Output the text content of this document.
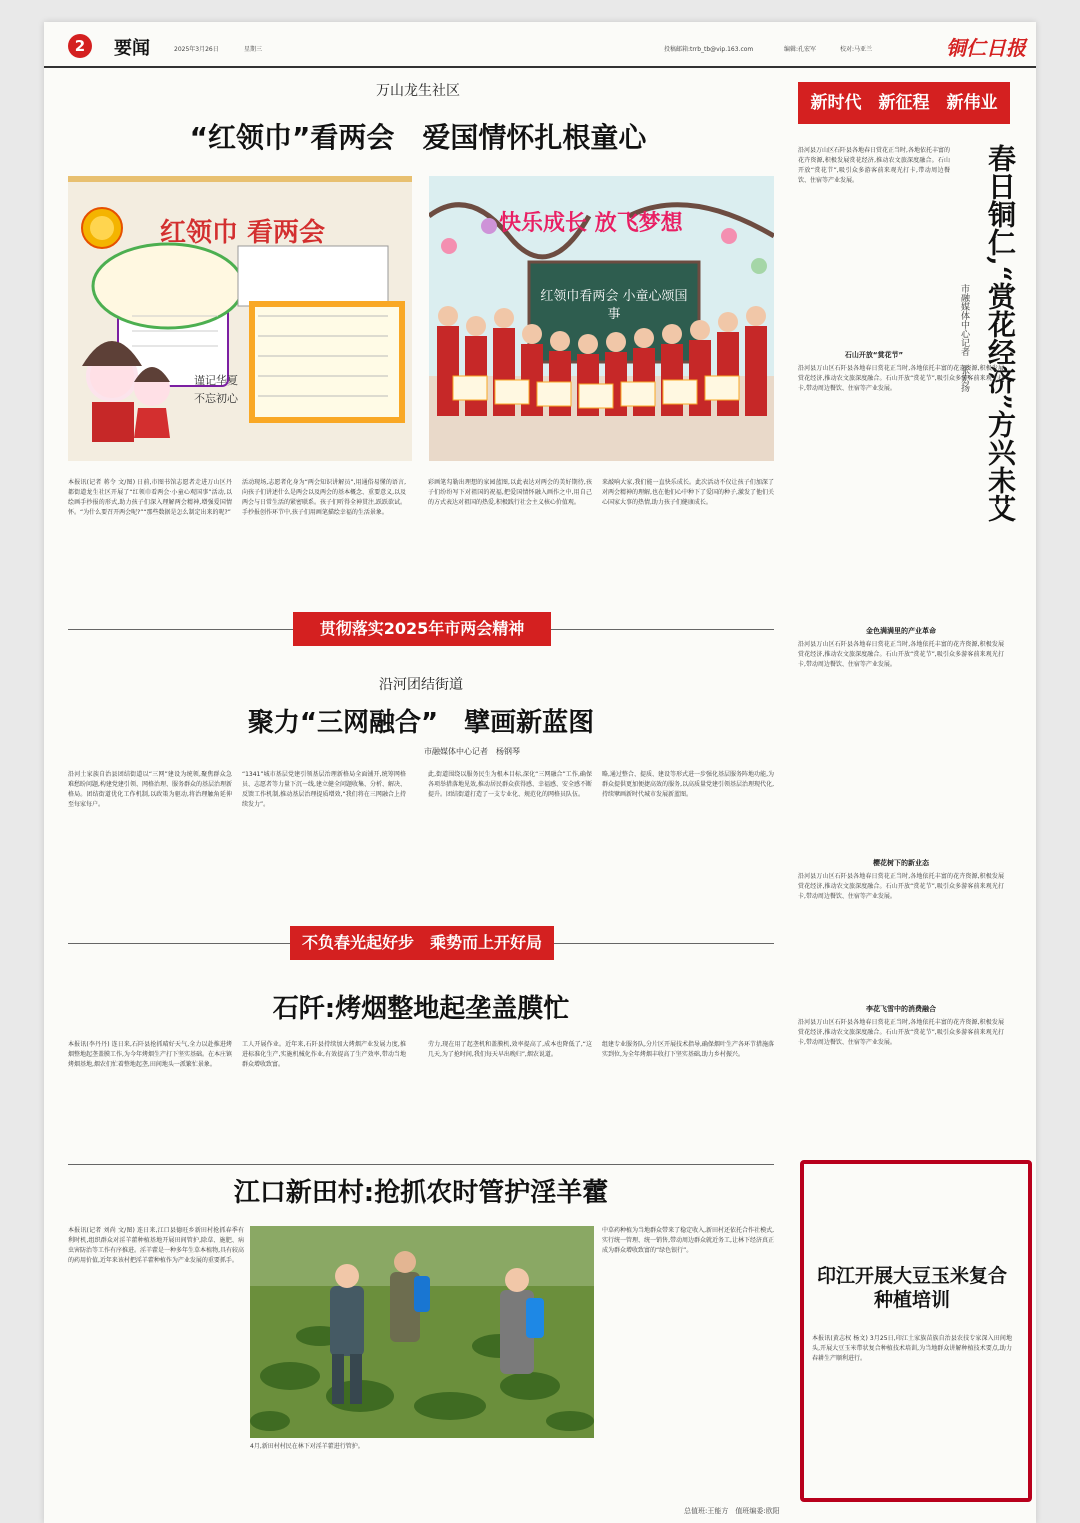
2	要闻	2025年3月26日	星期三	投稿邮箱:trrb_tb@vip.163.com	编辑:孔宏军	校对:马亚兰	铜仁日报
万山龙生社区
“红领巾”看两会　爱国情怀扎根童心
红领巾 看两会
谨记华夏
不忘初心
快乐成长 放飞梦想
红领巾看两会 小童心颂国事
本报讯(记者 蒋令 文/图) 日前,市图书馆志愿者走进万山区丹都街道龙生社区开展了“红领巾看两会·小童心观国事”活动,以绘画手抄报的形式,助力孩子们深入理解两会精神,增强爱国情怀。“为什么要召开两会呢?”“那些数据是怎么制定出来的呢?”
活动现场,志愿者化身为“两会知识讲解员”,用通俗易懂的语言,向孩子们讲述什么是两会以及两会的基本概念、重要意义,以及两会与日常生活的紧密联系。孩子们听得全神贯注,跃跃欲试。手抄报创作环节中,孩子们用画笔描绘幸福的生活景象。
彩画笔勾勒出理想的家园蓝图,以此表达对两会的美好期待,孩子们纷纷写下对祖国的祝福,把爱国情怀融入画作之中,用自己的方式表达对祖国的热爱,积极践行社会主义核心价值观。
来敲响大家,我们能一直快乐成长。此次活动不仅让孩子们加深了对两会精神的理解,也在他们心中种下了爱国的种子,激发了他们关心国家大事的热情,助力孩子们健康成长。
贯彻落实2025年市两会精神
沿河团结街道
聚力“三网融合”　擘画新蓝图
市融媒体中心记者　杨钢琴
沿河土家族自治县团结街道以“三网”建设为统领,聚焦群众急难愁盼问题,构建党建引领、网格治理、服务群众的基层治理新格局。团结街道优化工作机制,以政策为驱动,将治理触角延伸至每家每户。
“1341”城市基层党建引领基层治理新格局全面铺开,统筹网格员、志愿者等力量下沉一线,建立健全问题收集、分析、解决、反馈工作机制,推动基层治理提质增效,“我们将在三网融合上持续发力”。
此,街道围绕以服务民生为根本目标,深化“三网融合”工作,确保各项举措落地见效,推动居民群众获得感、幸福感、安全感不断提升。团结街道打造了一支专业化、规范化的网格员队伍。
略,通过整合、提质、建设等形式进一步强化基层服务阵地功能,为群众提供更加便捷高效的服务,以高质量党建引领基层治理现代化,持续擘画新时代城市发展新蓝图。
不负春光起好步　乘势而上开好局
石阡:烤烟整地起垄盖膜忙
本报讯(李丹丹) 连日来,石阡县抢抓晴好天气,全力以赴推进烤烟整地起垄盖膜工作,为今年烤烟生产打下坚实基础。在本庄镇烤烟基地,烟农们忙着整地起垄,田间地头一派繁忙景象。
工人开展作业。近年来,石阡县持续加大烤烟产业发展力度,推进标准化生产,实施机械化作业,有效提高了生产效率,带动当地群众增收致富。
劳力,现在用了起垄机和盖膜机,效率提高了,成本也降低了,“这几天,为了抢时间,我们每天早出晚归”,烟农说道。
组建专业服务队,分片区开展技术指导,确保烟叶生产各环节措施落实到位,为全年烤烟丰收打下坚实基础,助力乡村振兴。
江口新田村:抢抓农时管护淫羊藿
本报讯(记者 刘尚 文/图) 连日来,江口县德旺乡新田村抢抓春季有利时机,组织群众对淫羊藿种植基地开展田间管护,除草、施肥、病虫害防治等工作有序推进。淫羊藿是一种多年生草本植物,具有较高的药用价值,近年来该村把淫羊藿种植作为产业发展的重要抓手。
4月,新田村村民在林下对淫羊藿进行管护。
中草药种植为当地群众带来了稳定收入,新田村还依托合作社模式,实行统一管理、统一销售,带动周边群众就近务工,让林下经济真正成为群众增收致富的“绿色银行”。
新时代　新征程　新伟业
春日铜仁,“赏花经济”方兴未艾
市融媒体中心记者　张宏扬
沿河县万山区石阡县各地春日赏花正当时,各地依托丰富的花卉资源,积极发展赏花经济,推动农文旅深度融合。石山开放“赏花节”,吸引众多游客前来观光打卡,带动周边餐饮、住宿等产业发展。
石山开放“赏花节”
沿河县万山区石阡县各地春日赏花正当时,各地依托丰富的花卉资源,积极发展赏花经济,推动农文旅深度融合。石山开放“赏花节”,吸引众多游客前来观光打卡,带动周边餐饮、住宿等产业发展。
金色满满里的产业革命
沿河县万山区石阡县各地春日赏花正当时,各地依托丰富的花卉资源,积极发展赏花经济,推动农文旅深度融合。石山开放“赏花节”,吸引众多游客前来观光打卡,带动周边餐饮、住宿等产业发展。
樱花树下的新业态
沿河县万山区石阡县各地春日赏花正当时,各地依托丰富的花卉资源,积极发展赏花经济,推动农文旅深度融合。石山开放“赏花节”,吸引众多游客前来观光打卡,带动周边餐饮、住宿等产业发展。
李花飞雪中的消费融合
沿河县万山区石阡县各地春日赏花正当时,各地依托丰富的花卉资源,积极发展赏花经济,推动农文旅深度融合。石山开放“赏花节”,吸引众多游客前来观光打卡,带动周边餐饮、住宿等产业发展。
印江开展大豆玉米复合种植培训
本报讯(黄志权 杨文) 3月25日,印江土家族苗族自治县农技专家深入田间地头,开展大豆玉米带状复合种植技术培训,为当地群众讲解种植技术要点,助力春耕生产顺利进行。
总值班:王能方　值班编委:欧阳
